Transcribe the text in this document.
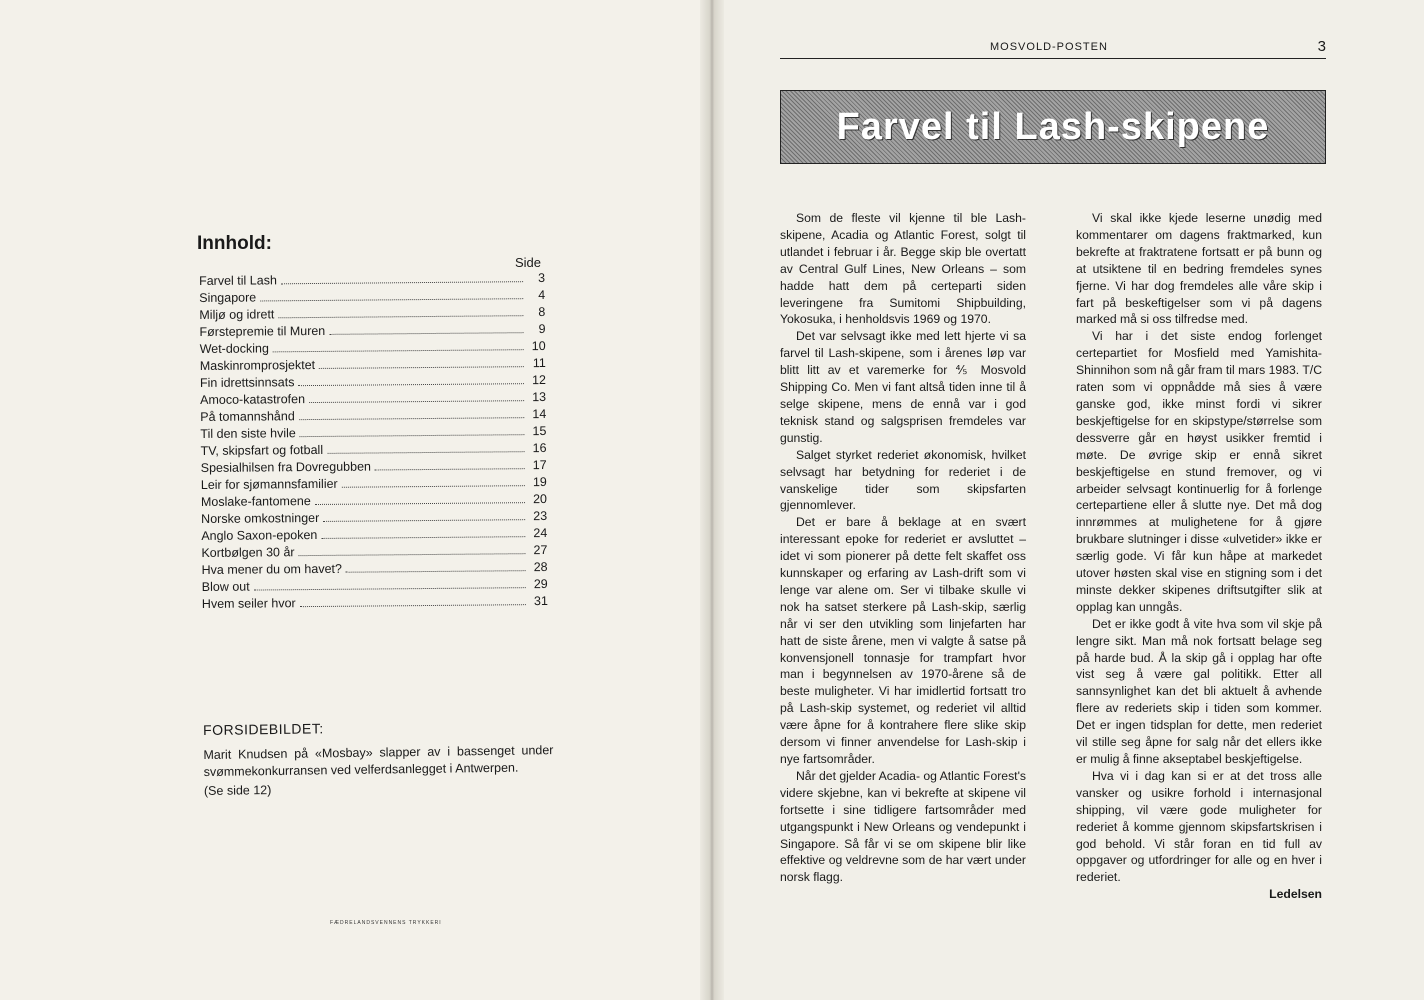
Innhold:
Side
Farvel til Lash	3
Singapore	4
Miljø og idrett	8
Førstepremie til Muren	9
Wet-docking	10
Maskinromprosjektet	11
Fin idrettsinnsats	12
Amoco-katastrofen	13
På tomannshånd	14
Til den siste hvile	15
TV, skipsfart og fotball	16
Spesialhilsen fra Dovregubben	17
Leir for sjømannsfamilier	19
Moslake-fantomene	20
Norske omkostninger	23
Anglo Saxon-epoken	24
Kortbølgen 30 år	27
Hva mener du om havet?	28
Blow out	29
Hvem seiler hvor	31
FORSIDEBILDET:
Marit Knudsen på «Mosbay» slapper av i bassenget under svømmekonkurransen ved velferdsanlegget i Antwerpen.
(Se side 12)
FÆDRELANDSVENNENS TRYKKERI
MOSVOLD-POSTEN	3
Farvel til Lash-skipene

Som de fleste vil kjenne til ble Lash-skipene, Acadia og Atlantic Forest, solgt til utlandet i februar i år. Begge skip ble overtatt av Central Gulf Lines, New Orleans – som hadde hatt dem på certeparti siden leveringene fra Sumitomi Shipbuilding, Yokosuka, i henholdsvis 1969 og 1970.

Det var selvsagt ikke med lett hjerte vi sa farvel til Lash-skipene, som i årenes løp var blitt litt av et varemerke for ⅘ Mosvold Shipping Co. Men vi fant altså tiden inne til å selge skipene, mens de ennå var i god teknisk stand og salgsprisen fremdeles var gunstig.

Salget styrket rederiet økonomisk, hvilket selvsagt har betydning for rederiet i de vanskelige tider som skipsfarten gjennomlever.

Det er bare å beklage at en svært interessant epoke for rederiet er avsluttet – idet vi som pionerer på dette felt skaffet oss kunnskaper og erfaring av Lash-drift som vi lenge var alene om. Ser vi tilbake skulle vi nok ha satset sterkere på Lash-skip, særlig når vi ser den utvikling som linjefarten har hatt de siste årene, men vi valgte å satse på konvensjonell tonnasje for trampfart hvor man i begynnelsen av 1970-årene så de beste muligheter. Vi har imidlertid fortsatt tro på Lash-skip systemet, og rederiet vil alltid være åpne for å kontrahere flere slike skip dersom vi finner anvendelse for Lash-skip i nye fartsområder.

Når det gjelder Acadia- og Atlantic Forest's videre skjebne, kan vi bekrefte at skipene vil fortsette i sine tidligere fartsområder med utgangspunkt i New Orleans og vendepunkt i Singapore. Så får vi se om skipene blir like effektive og veldrevne som de har vært under norsk flagg.

Vi skal ikke kjede leserne unødig med kommentarer om dagens fraktmarked, kun bekrefte at fraktratene fortsatt er på bunn og at utsiktene til en bedring fremdeles synes fjerne. Vi har dog fremdeles alle våre skip i fart på beskeftigelser som vi på dagens marked må si oss tilfredse med.

Vi har i det siste endog forlenget certepartiet for Mosfield med Yamishita-Shinnihon som nå går fram til mars 1983. T/C raten som vi oppnådde må sies å være ganske god, ikke minst fordi vi sikrer beskjeftigelse for en skipstype/størrelse som dessverre går en høyst usikker fremtid i møte. De øvrige skip er ennå sikret beskjeftigelse en stund fremover, og vi arbeider selvsagt kontinuerlig for å forlenge certepartiene eller å slutte nye. Det må dog innrømmes at mulighetene for å gjøre brukbare slutninger i disse «ulvetider» ikke er særlig gode. Vi får kun håpe at markedet utover høsten skal vise en stigning som i det minste dekker skipenes driftsutgifter slik at opplag kan unngås.

Det er ikke godt å vite hva som vil skje på lengre sikt. Man må nok fortsatt belage seg på harde bud. Å la skip gå i opplag har ofte vist seg å være gal politikk. Etter all sannsynlighet kan det bli aktuelt å avhende flere av rederiets skip i tiden som kommer. Det er ingen tidsplan for dette, men rederiet vil stille seg åpne for salg når det ellers ikke er mulig å finne akseptabel beskjeftigelse.

Hva vi i dag kan si er at det tross alle vansker og usikre forhold i internasjonal shipping, vil være gode muligheter for rederiet å komme gjennom skipsfartskrisen i god behold. Vi står foran en tid full av oppgaver og utfordringer for alle og en hver i rederiet.

Ledelsen
